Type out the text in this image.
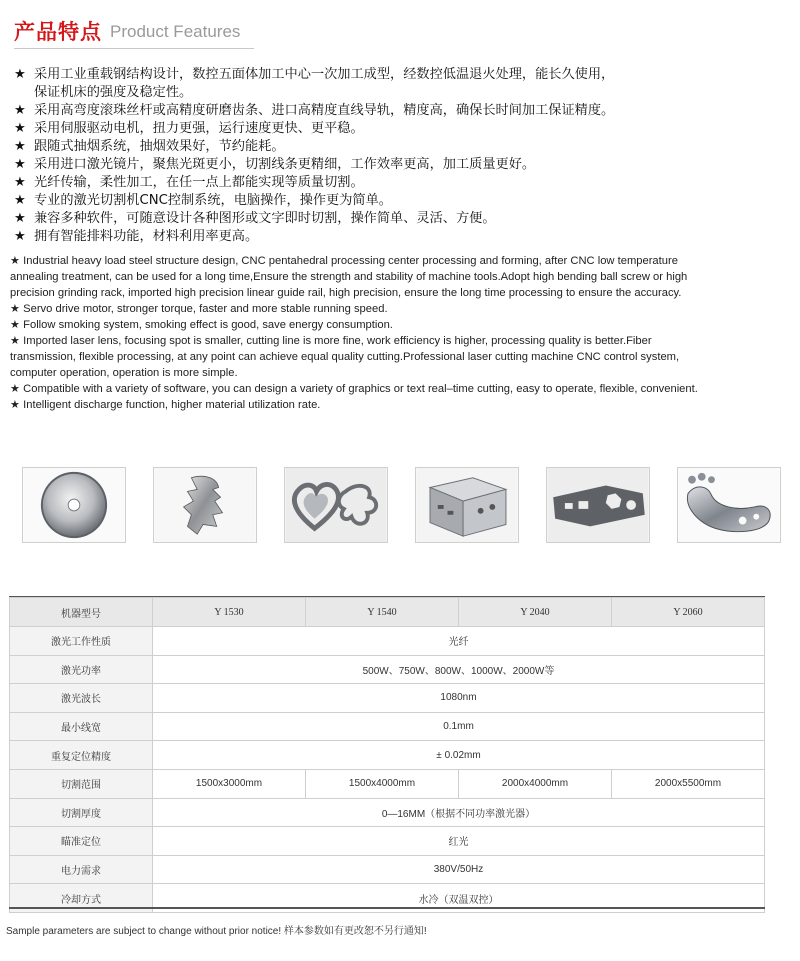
产品特点 Product Features
★ 采用工业重载钢结构设计，数控五面体加工中心一次加工成型，经数控低温退火处理，能长久使用，
保证机床的强度及稳定性。
★ 采用高弯度滚珠丝杆或高精度研磨齿条、进口高精度直线导轨，精度高，确保长时间加工保证精度。
★ 采用伺服驱动电机，扭力更强，运行速度更快、更平稳。
★ 跟随式抽烟系统，抽烟效果好，节约能耗。
★ 采用进口激光镜片，聚焦光斑更小，切割线条更精细，工作效率更高，加工质量更好。
★ 光纤传输，柔性加工，在任一点上都能实现等质量切割。
★ 专业的激光切割机CNC控制系统，电脑操作，操作更为简单。
★ 兼容多种软件，可随意设计各种图形或文字即时切割，操作简单、灵活、方便。
★ 拥有智能排料功能，材料利用率更高。
★ Industrial heavy load steel structure design, CNC pentahedral processing center processing and forming, after CNC low temperature
annealing treatment, can be used for a long time,Ensure the strength and stability of machine tools.Adopt high bending ball screw or high
precision grinding rack, imported high precision linear guide rail, high precision, ensure the long time processing to ensure the accuracy.
★ Servo drive motor, stronger torque, faster and more stable running speed.
★ Follow smoking system, smoking effect is good, save energy consumption.
★ Imported laser lens, focusing spot is smaller, cutting line is more fine, work efficiency is higher, processing quality is better.Fiber
transmission, flexible processing, at any point can achieve equal quality cutting.Professional laser cutting machine CNC control system,
computer operation, operation is more simple.
★ Compatible with a variety of software, you can design a variety of graphics or text real–time cutting, easy to operate, flexible, convenient.
★ Intelligent discharge function, higher material utilization rate.
机器型号	Y 1530	Y 1540	Y 2040	Y 2060
激光工作性质	光纤			
激光功率	500W、750W、800W、1000W、2000W等			
激光波长	1080nm			
最小线宽	0.1mm			
重复定位精度	± 0.02mm			
切割范围	1500x3000mm	1500x4000mm	2000x4000mm	2000x5500mm
切割厚度	0—16MM（根据不同功率激光器）			
瞄准定位	红光			
电力需求	380V/50Hz			
冷却方式	水冷（双温双控）			
Sample parameters are subject to change without prior notice! 样本参数如有更改恕不另行通知!
